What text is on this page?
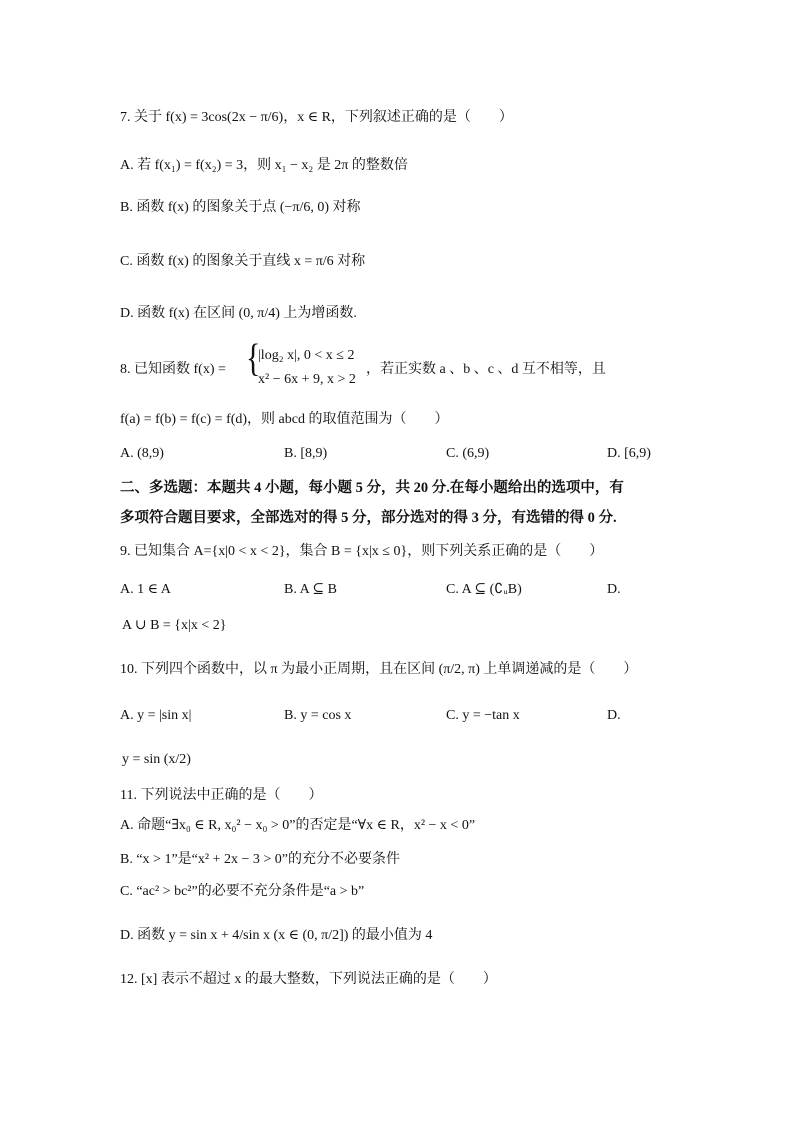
7. 关于 f(x) = 3cos(2x − π/6)，x ∈ R，下列叙述正确的是（　　）
A. 若 f(x₁) = f(x₂) = 3，则 x₁ − x₂ 是 2π 的整数倍
B. 函数 f(x) 的图象关于点 (−π/6, 0) 对称
C. 函数 f(x) 的图象关于直线 x = π/6 对称
D. 函数 f(x) 在区间 (0, π/4) 上为增函数.
8. 已知函数 f(x) = {
|log₂ x|, 0 < x ≤ 2
x² − 6x + 9, x > 2
，若正实数 a 、b 、c 、d 互不相等，且
f(a) = f(b) = f(c) = f(d)，则 abcd 的取值范围为（　　）
A. (8,9)	B. [8,9)	C. (6,9)	D. [6,9)
二、多选题：本题共 4 小题，每小题 5 分，共 20 分.在每小题给出的选项中，有
多项符合题目要求，全部选对的得 5 分，部分选对的得 3 分，有选错的得 0 分.
9. 已知集合 A={x|0 < x < 2}，集合 B = {x|x ≤ 0}，则下列关系正确的是（　　）
A. 1 ∈ A	B. A ⊆ B	C. A ⊆ (∁ᵤB)	D.
A ∪ B = {x|x < 2}
10. 下列四个函数中，以 π 为最小正周期，且在区间 (π/2, π) 上单调递减的是（　　）
A. y = |sin x|	B. y = cos x	C. y = −tan x	D.
y = sin (x/2)
11. 下列说法中正确的是（　　）
A. 命题“∃x₀ ∈ R, x₀² − x₀ > 0”的否定是“∀x ∈ R，x² − x < 0”
B. “x > 1”是“x² + 2x − 3 > 0”的充分不必要条件
C. “ac² > bc²”的必要不充分条件是“a > b”
D. 函数 y = sin x + 4/sin x (x ∈ (0, π/2]) 的最小值为 4
12. [x] 表示不超过 x 的最大整数，下列说法正确的是（　　）
